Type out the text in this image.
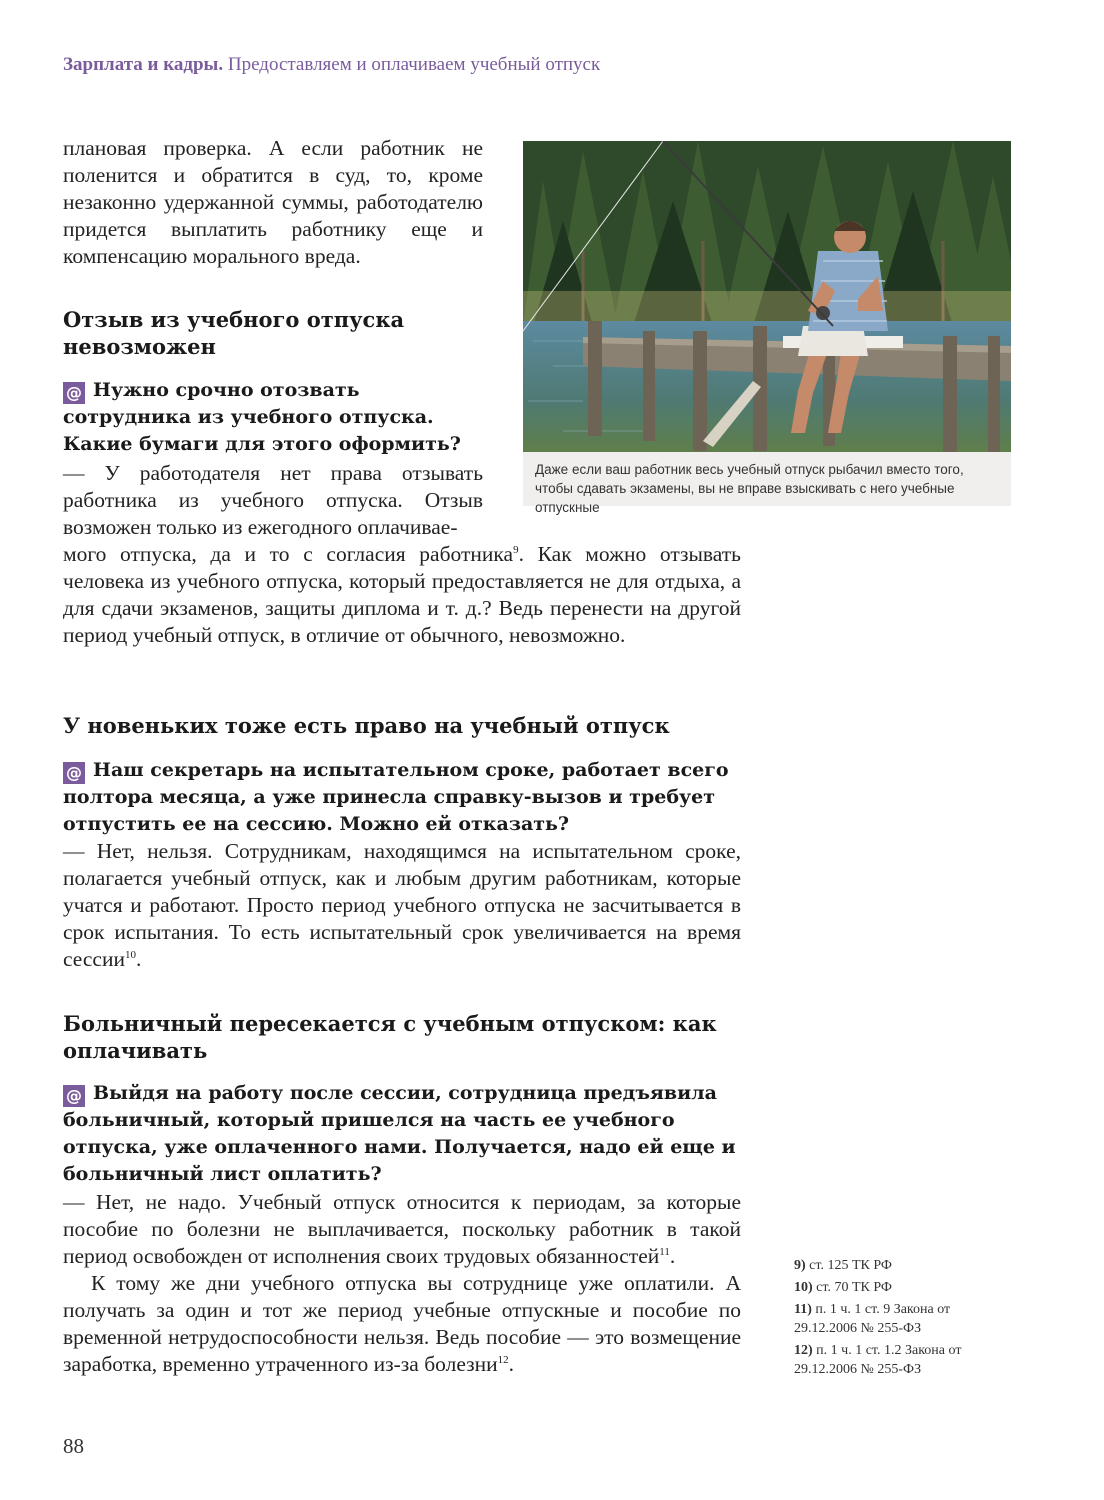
Зарплата и кадры. Предоставляем и оплачиваем учебный отпуск

плановая проверка. А если работник не поленится и обратится в суд, то, кроме незаконно удержанной суммы, работодателю придется выплатить работнику еще и компенсацию морального вреда.

Отзыв из учебного отпуска невозможен
@ Нужно срочно отозвать сотрудника из учебного отпуска. Какие бумаги для этого оформить?

— У работодателя нет права отзывать работника из учебного отпуска. Отзыв возможен только из ежегодного оплачивае-

мого отпуска, да и то с согласия работника$^9$. Как можно отзывать человека из учебного отпуска, который предоставляется не для отдыха, а для сдачи экзаменов, защиты диплома и т. д.? Ведь перенести на другой период учебный отпуск, в отличие от обычного, невозможно.

У новеньких тоже есть право на учебный отпуск
@ Наш секретарь на испытательном сроке, работает всего полтора месяца, а уже принесла справку-вызов и требует отпустить ее на сессию. Можно ей отказать?

— Нет, нельзя. Сотрудникам, находящимся на испытательном сроке, полагается учебный отпуск, как и любым другим работникам, которые учатся и работают. Просто период учебного отпуска не засчитывается в срок испытания. То есть испытательный срок увеличивается на время сессии$^{10}$.

Больничный пересекается с учебным отпуском: как оплачивать
@ Выйдя на работу после сессии, сотрудница предъявила больничный, который пришелся на часть ее учебного отпуска, уже оплаченного нами. Получается, надо ей еще и больничный лист оплатить?

— Нет, не надо. Учебный отпуск относится к периодам, за которые пособие по болезни не выплачивается, поскольку работник в такой период освобожден от исполнения своих трудовых обязанностей$^{11}$.

К тому же дни учебного отпуска вы сотруднице уже оплатили. А получать за один и тот же период учебные отпускные и пособие по временной нетрудоспособности нельзя. Ведь пособие — это возмещение заработка, временно утраченного из-за болезни$^{12}$.

Даже если ваш работник весь учебный отпуск рыбачил вместо того, чтобы сдавать экзамены, вы не вправе взыскивать с него учебные отпускные
9) ст. 125 ТК РФ
10) ст. 70 ТК РФ
11) п. 1 ч. 1 ст. 9 Закона от 29.12.2006 № 255-ФЗ
12) п. 1 ч. 1 ст. 1.2 Закона от 29.12.2006 № 255-ФЗ
88
